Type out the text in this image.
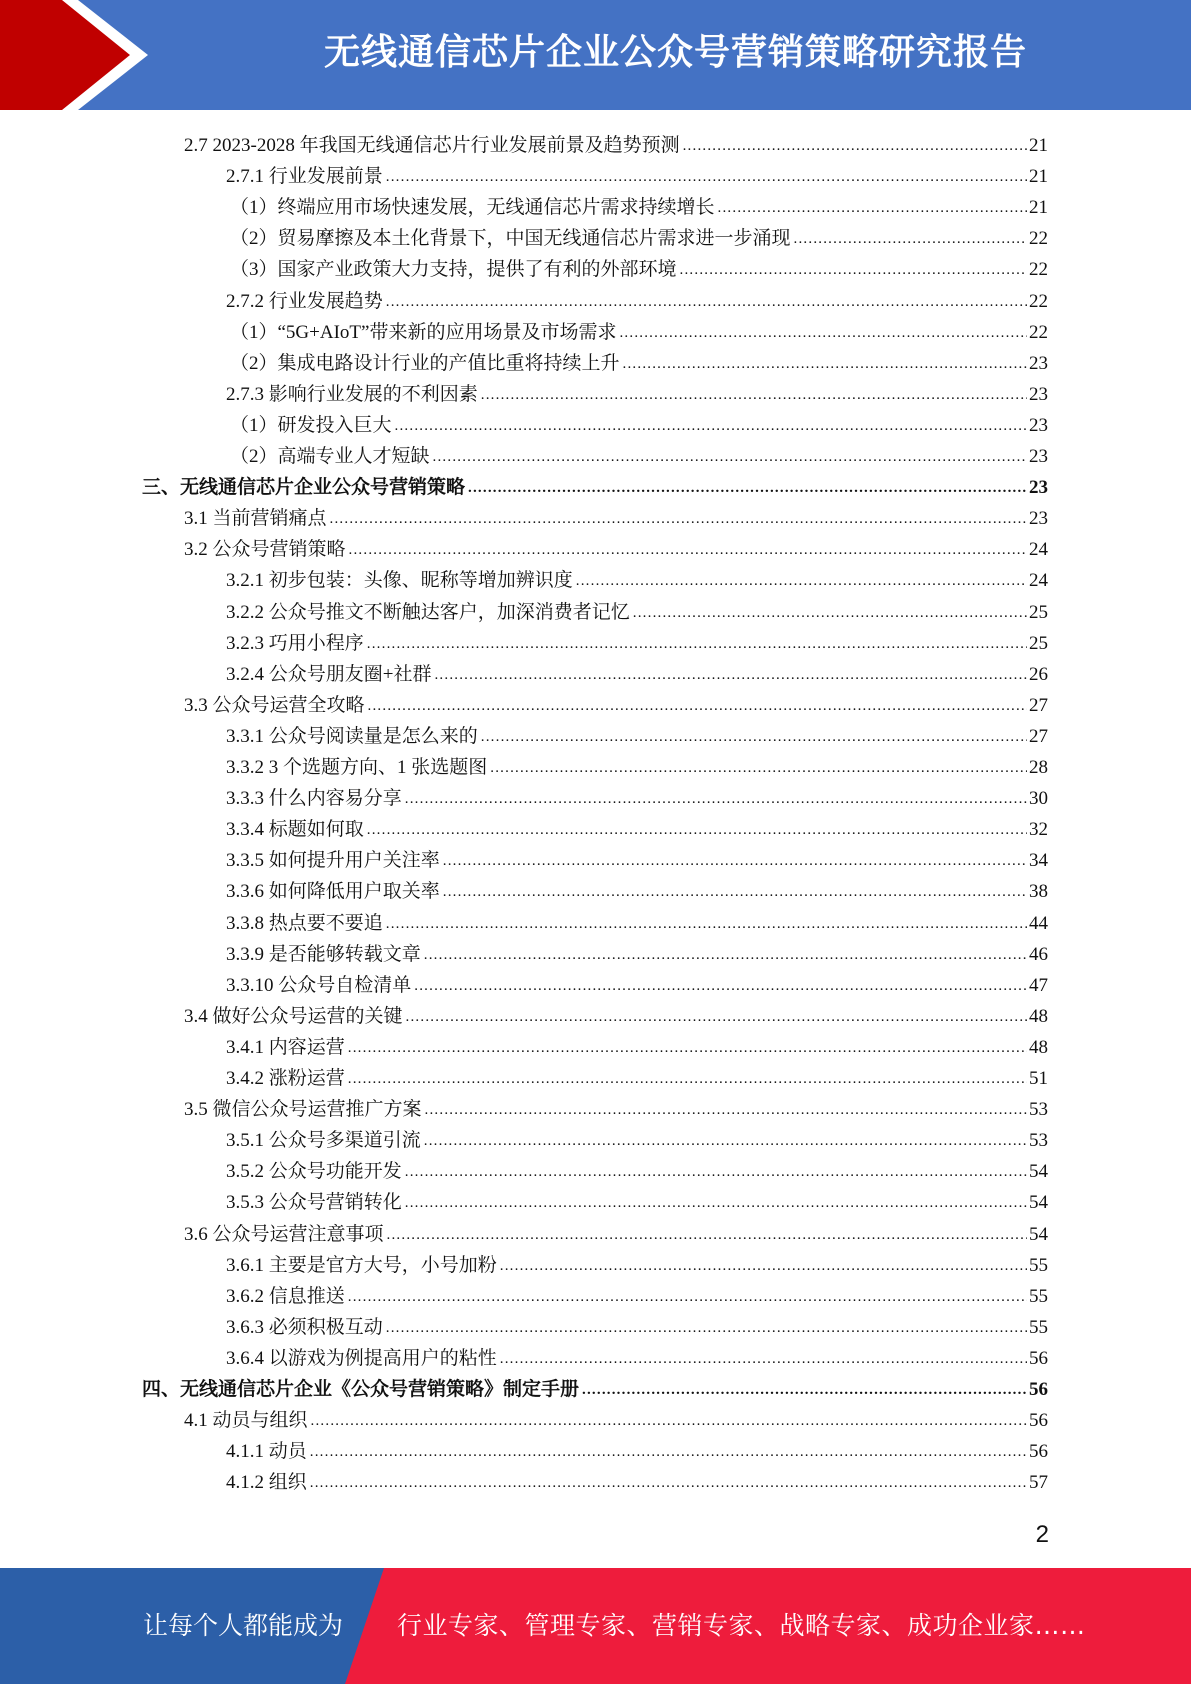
无线通信芯片企业公众号营销策略研究报告
2.7 2023-2028 年我国无线通信芯片行业发展前景及趋势预测 .....	21
2.7.1 行业发展前景 .....	21
（1）终端应用市场快速发展，无线通信芯片需求持续增长 .....	21
（2）贸易摩擦及本土化背景下，中国无线通信芯片需求进一步涌现 .....	22
（3）国家产业政策大力支持，提供了有利的外部环境 .....	22
2.7.2 行业发展趋势 .....	22
（1）“5G+AIoT”带来新的应用场景及市场需求 .....	22
（2）集成电路设计行业的产值比重将持续上升 .....	23
2.7.3 影响行业发展的不利因素 .....	23
（1）研发投入巨大 .....	23
（2）高端专业人才短缺 .....	23
三、无线通信芯片企业公众号营销策略 .....	23
3.1 当前营销痛点 .....	23
3.2 公众号营销策略 .....	24
3.2.1 初步包装：头像、昵称等增加辨识度 .....	24
3.2.2 公众号推文不断触达客户，加深消费者记忆 .....	25
3.2.3 巧用小程序 .....	25
3.2.4 公众号朋友圈+社群 .....	26
3.3 公众号运营全攻略 .....	27
3.3.1 公众号阅读量是怎么来的 .....	27
3.3.2 3 个选题方向、1 张选题图 .....	28
3.3.3 什么内容易分享 .....	30
3.3.4 标题如何取 .....	32
3.3.5 如何提升用户关注率 .....	34
3.3.6 如何降低用户取关率 .....	38
3.3.8 热点要不要追 .....	44
3.3.9 是否能够转载文章 .....	46
3.3.10 公众号自检清单 .....	47
3.4 做好公众号运营的关键 .....	48
3.4.1 内容运营 .....	48
3.4.2 涨粉运营 .....	51
3.5 微信公众号运营推广方案 .....	53
3.5.1 公众号多渠道引流 .....	53
3.5.2 公众号功能开发 .....	54
3.5.3 公众号营销转化 .....	54
3.6 公众号运营注意事项 .....	54
3.6.1 主要是官方大号，小号加粉 .....	55
3.6.2 信息推送 .....	55
3.6.3 必须积极互动 .....	55
3.6.4 以游戏为例提高用户的粘性 .....	56
四、无线通信芯片企业《公众号营销策略》制定手册 .....	56
4.1 动员与组织 .....	56
4.1.1 动员 .....	56
4.1.2 组织 .....	57
2
让每个人都能成为 行业专家、管理专家、营销专家、战略专家、成功企业家……
